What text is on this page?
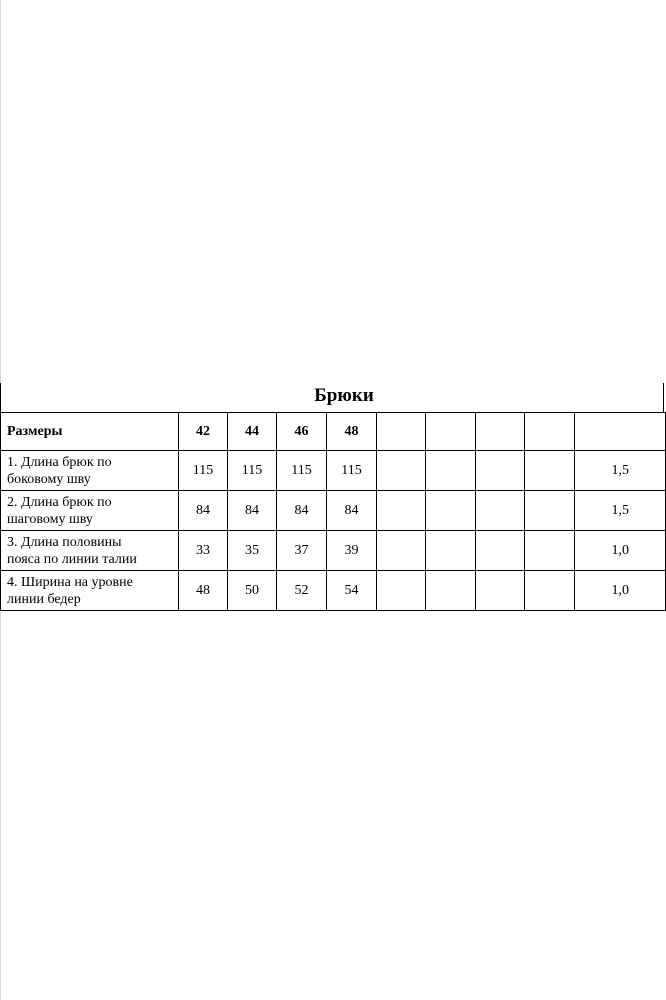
Брюки
Размеры	42	44	46	48					
1. Длина брюк по
боковому шву	115	115	115	115					1,5
2. Длина брюк по
шаговому шву	84	84	84	84					1,5
3. Длина половины
пояса по линии талии	33	35	37	39					1,0
4. Ширина на уровне
линии бедер	48	50	52	54					1,0
